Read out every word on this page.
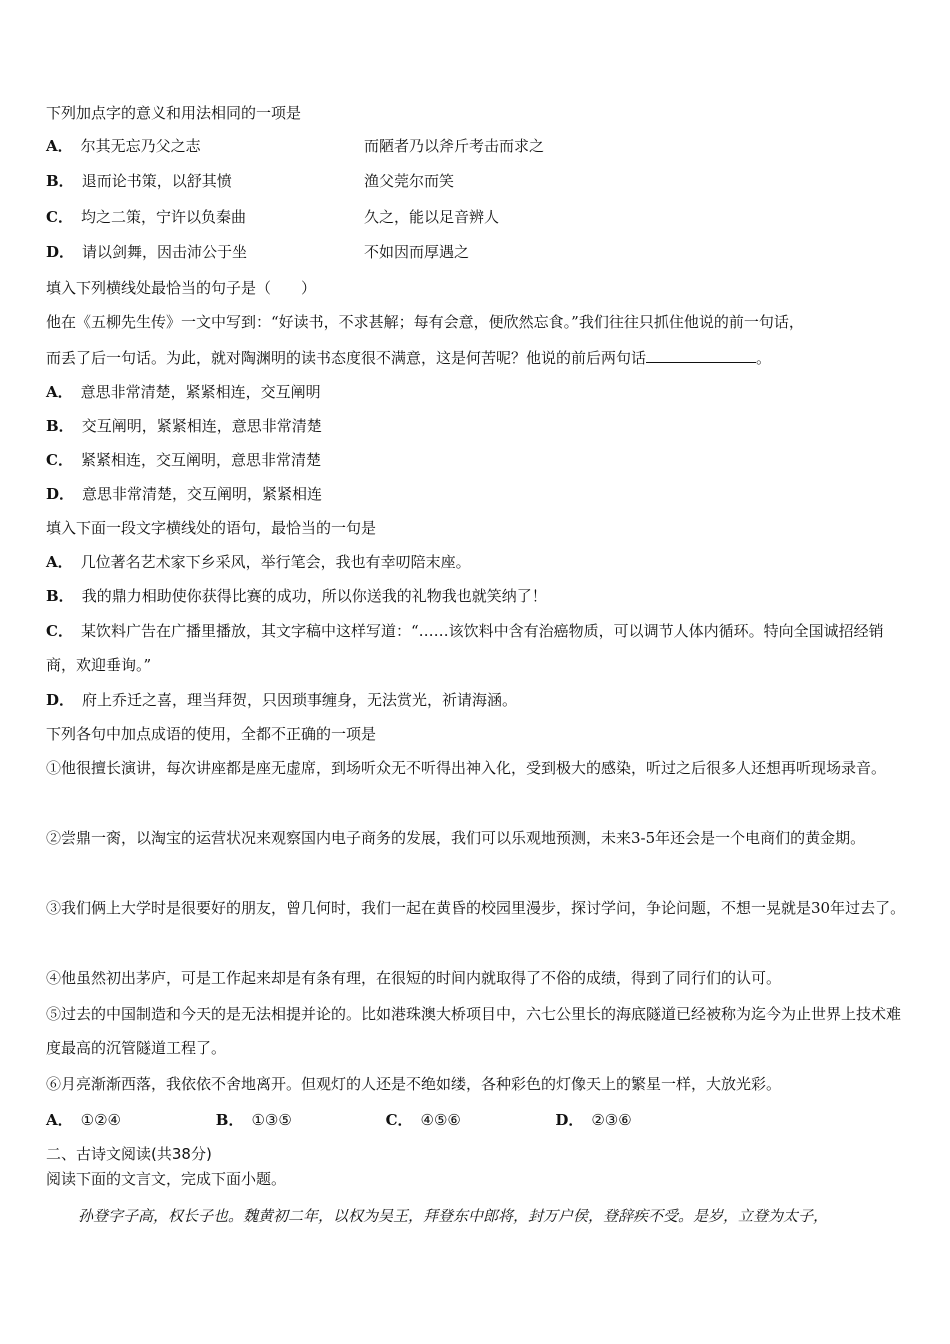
下列加点字的意义和用法相同的一项是
A． 尔其无忘乃父之志	而陋者乃以斧斤考击而求之
B． 退而论书策，以舒其愤	渔父莞尔而笑
C． 均之二策，宁许以负秦曲	久之，能以足音辨人
D． 请以剑舞，因击沛公于坐	不如因而厚遇之
填入下列横线处最恰当的句子是（　　）
他在《五柳先生传》一文中写到：“好读书，不求甚解；每有会意，便欣然忘食。”我们往往只抓住他说的前一句话，
而丢了后一句话。为此，就对陶渊明的读书态度很不满意，这是何苦呢？他说的前后两句话	。
A． 意思非常清楚，紧紧相连，交互阐明
B． 交互阐明，紧紧相连，意思非常清楚
C． 紧紧相连，交互阐明，意思非常清楚
D． 意思非常清楚，交互阐明，紧紧相连
填入下面一段文字横线处的语句，最恰当的一句是
A． 几位著名艺术家下乡采风，举行笔会，我也有幸叨陪末座。
B． 我的鼎力相助使你获得比赛的成功，所以你送我的礼物我也就笑纳了！
C． 某饮料广告在广播里播放，其文字稿中这样写道：“……该饮料中含有治癌物质，可以调节人体内循环。特向全国诚招经销商，欢迎垂询。”
D． 府上乔迁之喜，理当拜贺，只因琐事缠身，无法赏光，祈请海涵。
下列各句中加点成语的使用，全都不正确的一项是
①他很擅长演讲，每次讲座都是座无虚席，到场听众无不听得出神入化，受到极大的感染，听过之后很多人还想再听现场录音。
②尝鼎一脔，以淘宝的运营状况来观察国内电子商务的发展，我们可以乐观地预测，未来3-5年还会是一个电商们的黄金期。
③我们俩上大学时是很要好的朋友，曾几何时，我们一起在黄昏的校园里漫步，探讨学问，争论问题，不想一晃就是30年过去了。
④他虽然初出茅庐，可是工作起来却是有条有理，在很短的时间内就取得了不俗的成绩，得到了同行们的认可。
⑤过去的中国制造和今天的是无法相提并论的。比如港珠澳大桥项目中，六七公里长的海底隧道已经被称为迄今为止世界上技术难度最高的沉管隧道工程了。
⑥月亮渐渐西落，我依依不舍地离开。但观灯的人还是不绝如缕，各种彩色的灯像天上的繁星一样，大放光彩。
A． ①②④	B． ①③⑤	C． ④⑤⑥	D． ②③⑥
二、古诗文阅读(共38分)
阅读下面的文言文，完成下面小题。
孙登字子高，权长子也。魏黄初二年，以权为吴王，拜登东中郎将，封万户侯，登辞疾不受。是岁，立登为太子，
